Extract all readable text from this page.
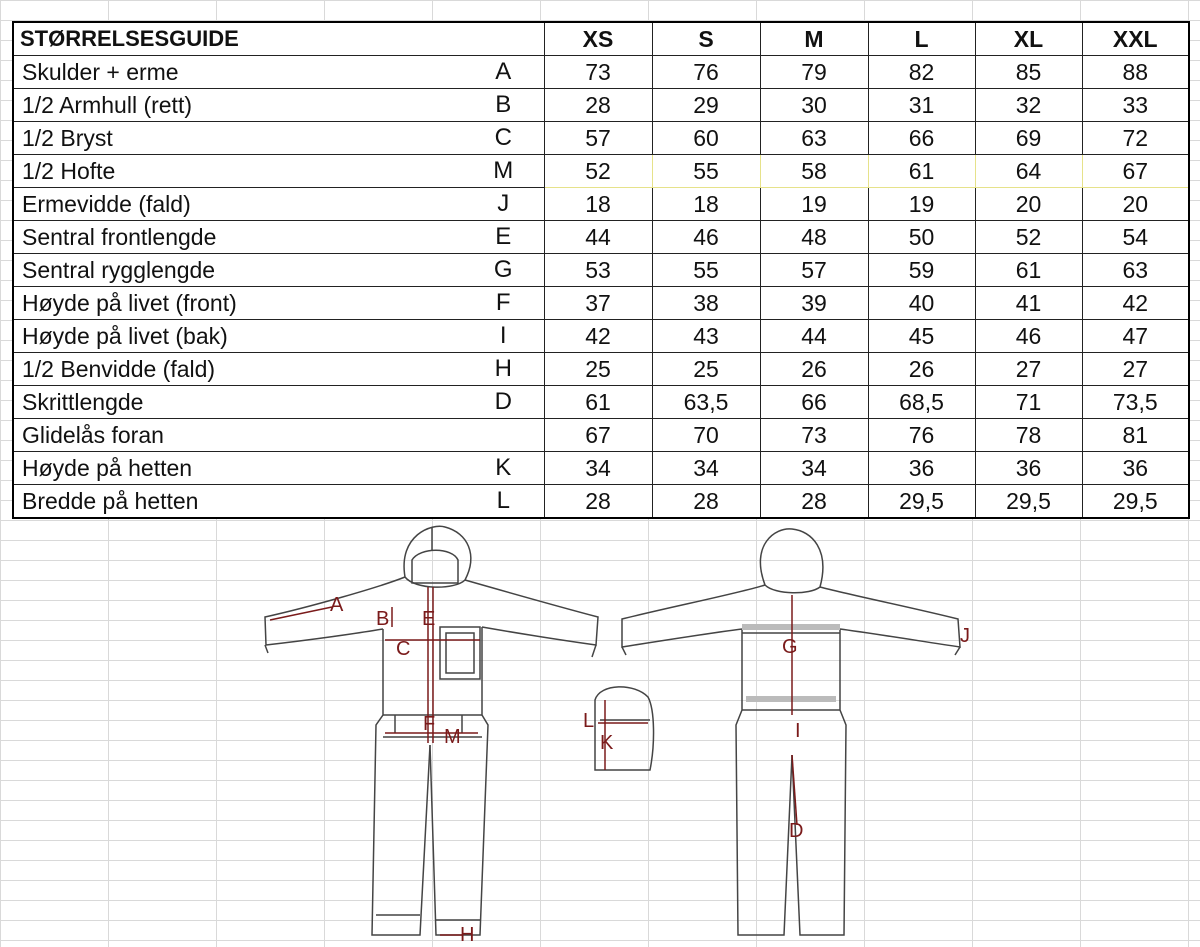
STØRRELSESGUIDE		XS	S	M	L	XL	XXL
Skulder + erme	A	73	76	79	82	85	88
1/2 Armhull (rett)	B	28	29	30	31	32	33
1/2 Bryst	C	57	60	63	66	69	72
1/2 Hofte	M	52	55	58	61	64	67
Ermevidde (fald)	J	18	18	19	19	20	20
Sentral frontlengde	E	44	46	48	50	52	54
Sentral rygglengde	G	53	55	57	59	61	63
Høyde på livet (front)	F	37	38	39	40	41	42
Høyde på livet (bak)	I	42	43	44	45	46	47
1/2 Benvidde (fald)	H	25	25	26	26	27	27
Skrittlengde	D	61	63,5	66	68,5	71	73,5
Glidelås foran		67	70	73	76	78	81
Høyde på hetten	K	34	34	34	36	36	36
Bredde på hetten	L	28	28	28	29,5	29,5	29,5
A
B E
C
F
M
H
L
K
G
I
D
J
